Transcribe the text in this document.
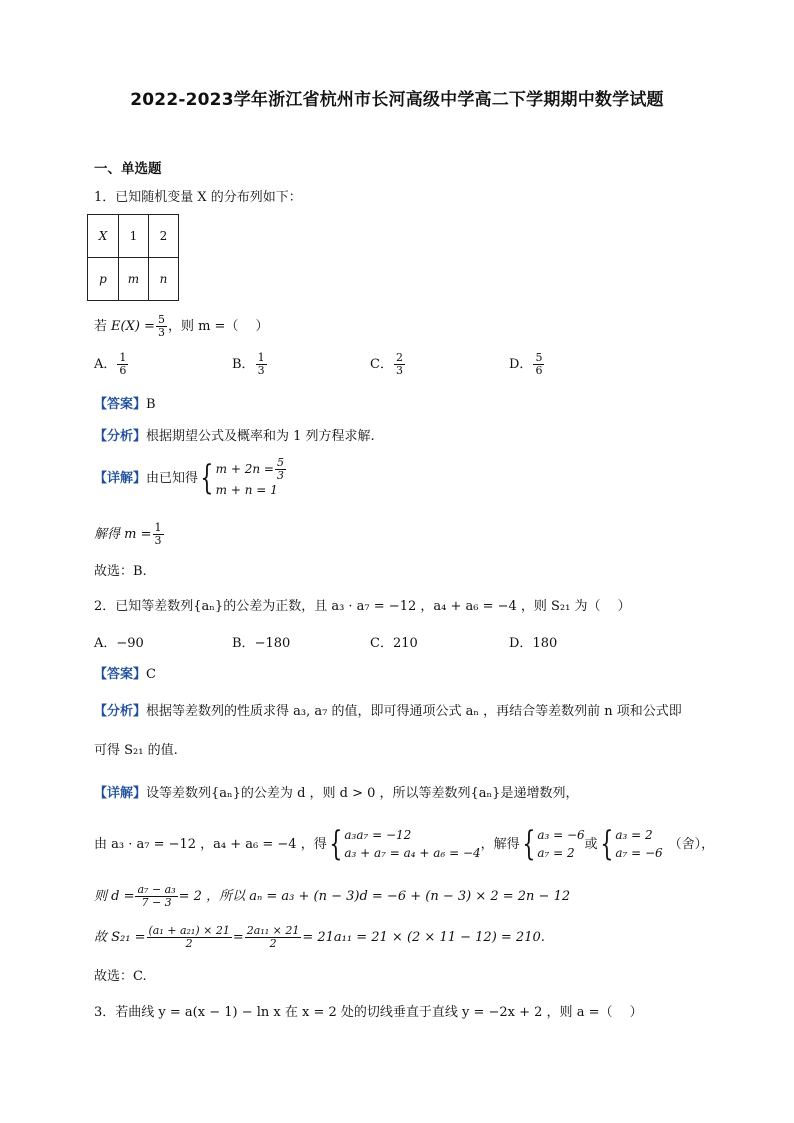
2022-2023学年浙江省杭州市长河高级中学高二下学期期中数学试题
一、单选题
1．已知随机变量 X 的分布列如下：
X	1	2
p	m	n
若 $E(X) = \frac{5}{3}$ ，则 m =（　 ）
A． $\frac{1}{6}$	B． $\frac{1}{3}$	C． $\frac{2}{3}$	D． $\frac{5}{6}$
【答案】B
【分析】根据期望公式及概率和为 1 列方程求解.
【详解】 由已知得 { $m + 2n = \frac{5}{3}$
m + n = 1
解得 $m = \frac{1}{3}$
故选：B.
2．已知等差数列{aₙ}的公差为正数，且 a₃ · a₇ = −12 ，a₄ + a₆ = −4 ，则 S₂₁ 为（　 ）
A．−90	B．−180	C．210	D．180
【答案】C
【分析】根据等差数列的性质求得 a₃, a₇ 的值，即可得通项公式 aₙ ，再结合等差数列前 n 项和公式即
可得 S₂₁ 的值.
【详解】设等差数列{aₙ}的公差为 d ，则 d > 0 ，所以等差数列{aₙ}是递增数列，
由 a₃ · a₇ = −12 ，a₄ + a₆ = −4 ，得 { a₃a₇ = −12
a₃ + a₇ = a₄ + a₆ = −4
，解得 { a₃ = −6
a₇ = 2
或 { a₃ = 2
a₇ = −6
（舍），
则 $d = \frac{\text{a₇ − a₃}}{7 - 3} = 2$ ，所以 aₙ = a₃ + (n − 3)d = −6 + (n − 3) × 2 = 2n − 12
故 $S_{21} = \frac{\text{(a₁ + a₂₁) × 21}}{2} = \frac{\text{2a₁₁ × 21}}{2} = 21a_{11} = 21 \times (2 \times 11 - 12) = 210$.
故选：C.
3．若曲线 y = a(x − 1) − ln x 在 x = 2 处的切线垂直于直线 y = −2x + 2 ，则 a =（　 ）
